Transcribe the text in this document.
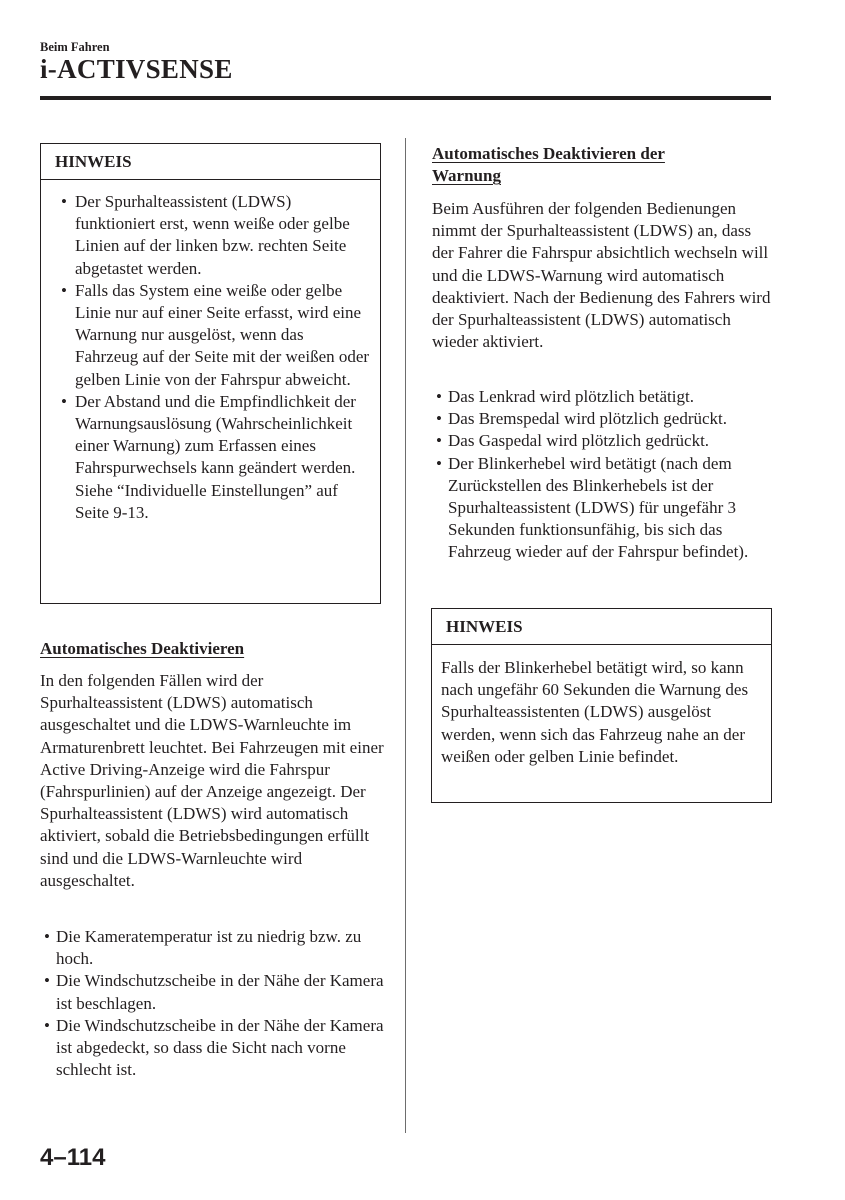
Beim Fahren
i-ACTIVSENSE
HINWEIS
• Der Spurhalteassistent (LDWS) funktioniert erst, wenn weiße oder gelbe Linien auf der linken bzw. rechten Seite abgetastet werden.
• Falls das System eine weiße oder gelbe Linie nur auf einer Seite erfasst, wird eine Warnung nur ausgelöst, wenn das Fahrzeug auf der Seite mit der weißen oder gelben Linie von der Fahrspur abweicht.
• Der Abstand und die Empfindlichkeit der Warnungsauslösung (Wahrscheinlichkeit einer Warnung) zum Erfassen eines Fahrspurwechsels kann geändert werden.
Siehe “Individuelle Einstellungen” auf Seite 9-13.
Automatisches Deaktivieren
In den folgenden Fällen wird der Spurhalteassistent (LDWS) automatisch ausgeschaltet und die LDWS-Warnleuchte im Armaturenbrett leuchtet. Bei Fahrzeugen mit einer Active Driving-Anzeige wird die Fahrspur (Fahrspurlinien) auf der Anzeige angezeigt. Der Spurhalteassistent (LDWS) wird automatisch aktiviert, sobald die Betriebsbedingungen erfüllt sind und die LDWS-Warnleuchte wird ausgeschaltet.
• Die Kameratemperatur ist zu niedrig bzw. zu hoch.
• Die Windschutzscheibe in der Nähe der Kamera ist beschlagen.
• Die Windschutzscheibe in der Nähe der Kamera ist abgedeckt, so dass die Sicht nach vorne schlecht ist.
Automatisches Deaktivieren der Warnung
Beim Ausführen der folgenden Bedienungen nimmt der Spurhalteassistent (LDWS) an, dass der Fahrer die Fahrspur absichtlich wechseln will und die LDWS-Warnung wird automatisch deaktiviert. Nach der Bedienung des Fahrers wird der Spurhalteassistent (LDWS) automatisch wieder aktiviert.
• Das Lenkrad wird plötzlich betätigt.
• Das Bremspedal wird plötzlich gedrückt.
• Das Gaspedal wird plötzlich gedrückt.
• Der Blinkerhebel wird betätigt (nach dem Zurückstellen des Blinkerhebels ist der Spurhalteassistent (LDWS) für ungefähr 3 Sekunden funktionsunfähig, bis sich das Fahrzeug wieder auf der Fahrspur befindet).
HINWEIS
Falls der Blinkerhebel betätigt wird, so kann nach ungefähr 60 Sekunden die Warnung des Spurhalteassistenten (LDWS) ausgelöst werden, wenn sich das Fahrzeug nahe an der weißen oder gelben Linie befindet.
4–114
